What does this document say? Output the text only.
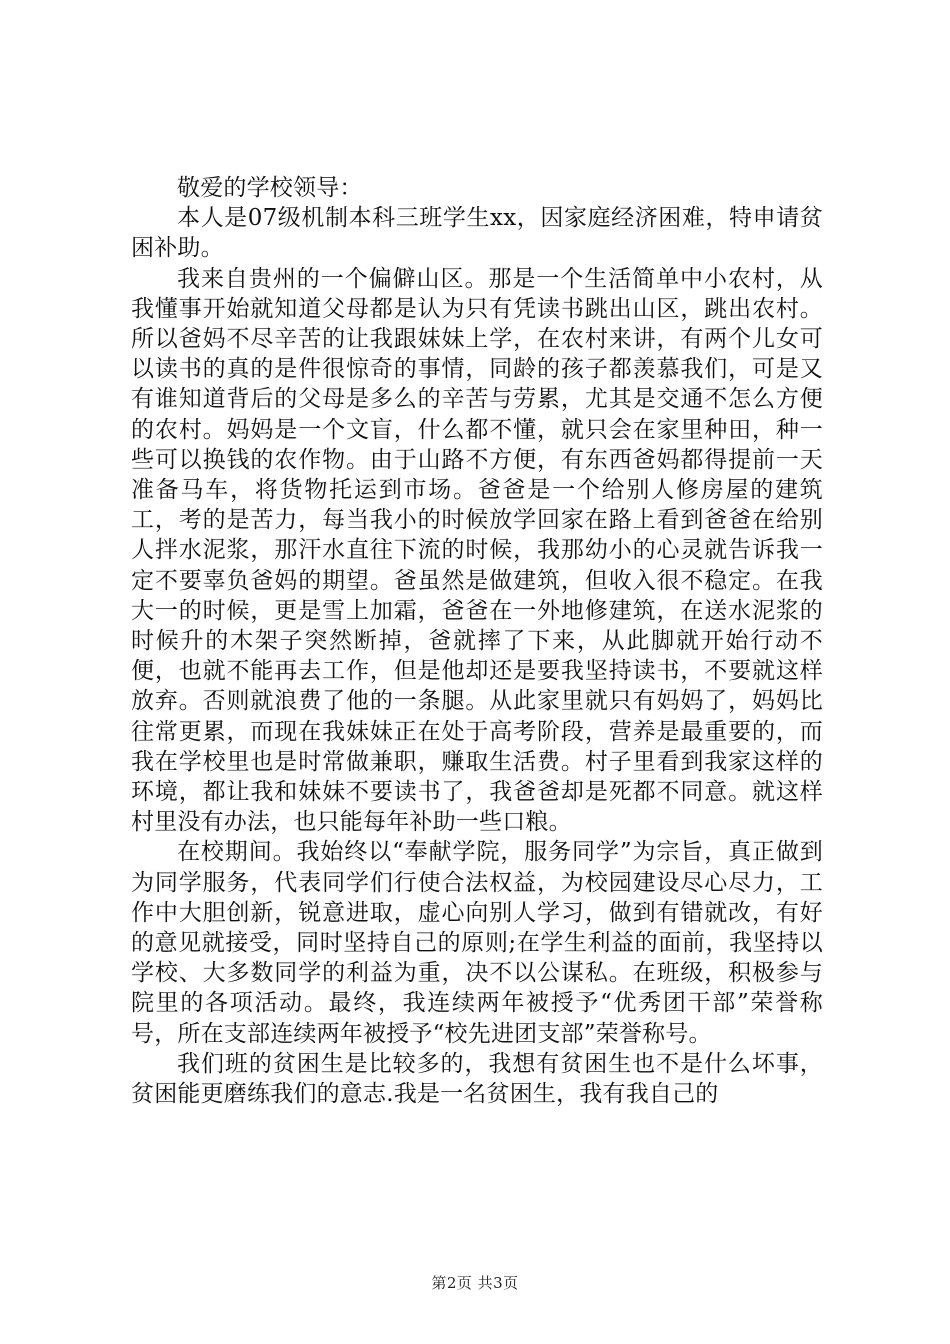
敬爱的学校领导：

本人是07级机制本科三班学生xx，因家庭经济困难，特申请贫困补助。

我来自贵州的一个偏僻山区。那是一个生活简单中小农村，从我懂事开始就知道父母都是认为只有凭读书跳出山区，跳出农村。所以爸妈不尽辛苦的让我跟妹妹上学，在农村来讲，有两个儿女可以读书的真的是件很惊奇的事情，同龄的孩子都羡慕我们，可是又有谁知道背后的父母是多么的辛苦与劳累，尤其是交通不怎么方便的农村。妈妈是一个文盲，什么都不懂，就只会在家里种田，种一些可以换钱的农作物。由于山路不方便，有东西爸妈都得提前一天准备马车，将货物托运到市场。爸爸是一个给别人修房屋的建筑工，考的是苦力，每当我小的时候放学回家在路上看到爸爸在给别人拌水泥浆，那汗水直往下流的时候，我那幼小的心灵就告诉我一定不要辜负爸妈的期望。爸虽然是做建筑，但收入很不稳定。在我大一的时候，更是雪上加霜，爸爸在一外地修建筑，在送水泥浆的时候升的木架子突然断掉，爸就摔了下来，从此脚就开始行动不便，也就不能再去工作，但是他却还是要我坚持读书，不要就这样放弃。否则就浪费了他的一条腿。从此家里就只有妈妈了，妈妈比往常更累，而现在我妹妹正在处于高考阶段，营养是最重要的，而我在学校里也是时常做兼职，赚取生活费。村子里看到我家这样的环境，都让我和妹妹不要读书了，我爸爸却是死都不同意。就这样村里没有办法，也只能每年补助一些口粮。

在校期间。我始终以“奉献学院，服务同学”为宗旨，真正做到为同学服务，代表同学们行使合法权益，为校园建设尽心尽力，工作中大胆创新，锐意进取，虚心向别人学习，做到有错就改，有好的意见就接受，同时坚持自己的原则;在学生利益的面前，我坚持以学校、大多数同学的利益为重，决不以公谋私。在班级，积极参与院里的各项活动。最终，我连续两年被授予“优秀团干部”荣誉称号，所在支部连续两年被授予“校先进团支部”荣誉称号。

我们班的贫困生是比较多的，我想有贫困生也不是什么坏事，贫困能更磨练我们的意志.我是一名贫困生，我有我自己的

第2页 共3页
